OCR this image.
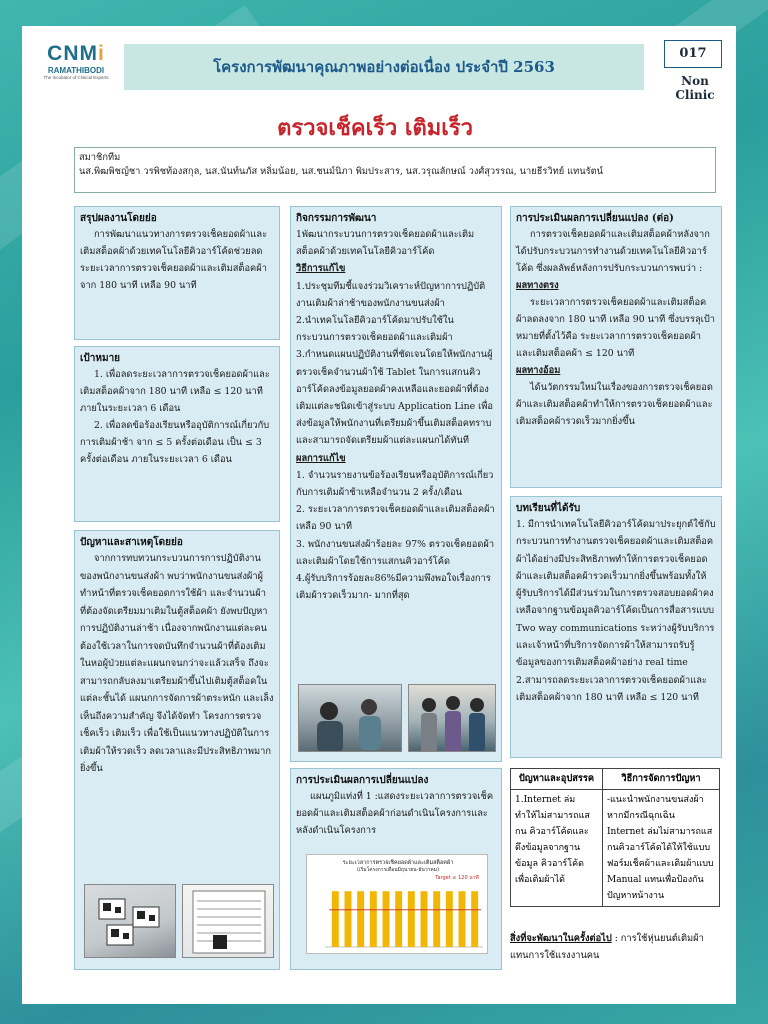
CNMi
RAMATHIBODI
The Incubator of Clinical Experts
โครงการพัฒนาคุณภาพอย่างต่อเนื่อง ประจำปี 2563
017
Non Clinic
ตรวจเช็คเร็ว เติมเร็ว
สมาชิกทีม
นส.พิฒพิชญ์ชา วรพิชท้องสกุล, นส.นันท์นภัส หลิ่มน้อย, นส.ชนม์นิภา พิมประสาร, นส.วรุณลักษณ์ วงศ์สุวรรณ, นายธีรวิทย์ แทนรัตน์
สรุปผลงานโดยย่อ

การพัฒนาแนวทางการตรวจเช็คยอดผ้าและเติมสต็อคผ้าด้วยเทคโนโลยีคิวอาร์โค้ดช่วยลดระยะเวลาการตรวจเช็คยอดผ้าและเติมสต็อคผ้าจาก 180 นาที เหลือ 90 นาที

เป้าหมาย

1. เพื่อลดระยะเวลาการตรวจเช็คยอดผ้าและเติมสต็อคผ้าจาก 180 นาที เหลือ ≤ 120 นาที ภายในระยะเวลา 6 เดือน

2. เพื่อลดข้อร้องเรียนหรืออุบัติการณ์เกี่ยวกับการเติมผ้าช้า จาก ≤ 5 ครั้งต่อเดือน เป็น ≤ 3 ครั้งต่อเดือน ภายในระยะเวลา 6 เดือน

ปัญหาและสาเหตุโดยย่อ

จากการทบทวนกระบวนการการปฏิบัติงานของพนักงานขนส่งผ้า พบว่าพนักงานขนส่งผ้าผู้ทำหน้าที่ตรวจเช็คยอดการใช้ผ้า และจำนวนผ้า ที่ต้องจัดเตรียมมาเติมในตู้สต็อคผ้า ยังพบปัญหาการปฏิบัติงานล่าช้า เนื่องจากพนักงานแต่ละคนต้องใช้เวลาในการจดบันทึกจำนวนผ้าที่ต้องเติมในหอผู้ป่วยแต่ละแผนกจนกว่าจะแล้วเสร็จ ถึงจะสามารถกลับลงมาเตรียมผ้าขึ้นไปเติมตู้สต็อคในแต่ละชั้นได้ แผนกการจัดการผ้าตระหนัก และเล็งเห็นถึงความสำคัญ จึงได้จัดทำ โครงการตรวจเช็คเร็ว เติมเร็ว เพื่อใช้เป็นแนวทางปฏิบัติในการเติมผ้าให้รวดเร็ว ลดเวลาและมีประสิทธิภาพมากยิ่งขึ้น

กิจกรรมการพัฒนา

1พัฒนากระบวนการตรวจเช็คยอดผ้าและเติมสต็อคผ้าด้วยเทคโนโลยีคิวอาร์โค้ด

วิธีการแก้ไข

1.ประชุมทีมชี้แจงร่วมวิเคราะห์ปัญหาการปฏิบัติงานเติมผ้าล่าช้าของพนักงานขนส่งผ้า

2.นำเทคโนโลยีคิวอาร์โค้ดมาปรับใช้ในกระบวนการตรวจเช็คยอดผ้าและเติมผ้า

3.กำหนดแผนปฏิบัติงานที่ชัดเจนโดยให้พนักงานผู้ตรวจเช็คจำนวนผ้าใช้ Tablet ในการแสกนคิวอาร์โค้ดลงข้อมูลยอดผ้าคงเหลือและยอดผ้าที่ต้องเติมแต่ละชนิดเข้าสู่ระบบ Application Line เพื่อส่งข้อมูลให้พนักงานที่เตรียมผ้าขึ้นเติมสต็อคทราบและสามารถจัดเตรียมผ้าแต่ละแผนกได้ทันที

ผลการแก้ไข

1. จำนวนรายงานข้อร้องเรียนหรืออุบัติการณ์เกี่ยวกับการเติมผ้าช้าเหลือจำนวน 2 ครั้ง/เดือน

2. ระยะเวลาการตรวจเช็คยอดผ้าและเติมสต็อคผ้าเหลือ 90 นาที

3. พนักงานขนส่งผ้าร้อยละ 97% ตรวจเช็คยอดผ้าและเติมผ้าโดยใช้การแสกนคิวอาร์โค้ด

4.ผู้รับบริการร้อยละ86%มีความพึงพอใจเรื่องการเติมผ้ารวดเร็วมาก- มากที่สุด

การประเมินผลการเปลี่ยนแปลง

แผนภูมิแท่งที่ 1 :แสดงระยะเวลาการตรวจเช็คยอดผ้าและเติมสต็อคผ้าก่อนดำเนินโครงการและหลังดำเนินโครงการ

ระยะเวลาการตรวจเช็คยอดผ้าและเติมสต็อคผ้า
(เริ่มโครงการเดือนมิถุนายน-ธันวาคม)
Target ≤ 120 นาที
การประเมินผลการเปลี่ยนแปลง (ต่อ)

การตรวจเช็คยอดผ้าและเติมสต็อคผ้าหลังจากได้ปรับกระบวนการทำงานด้วยเทคโนโลยีคิวอาร์โค้ด ซึ่งผลลัพธ์หลังการปรับกระบวนการพบว่า :

ผลทางตรง

ระยะเวลาการตรวจเช็คยอดผ้าและเติมสต็อคผ้าลดลงจาก 180 นาที เหลือ 90 นาที ซึ่งบรรลุเป้าหมายที่ตั้งไว้คือ ระยะเวลาการตรวจเช็คยอดผ้าและเติมสต็อคผ้า ≤ 120 นาที

ผลทางอ้อม

ได้นวัตกรรมใหม่ในเรื่องของการตรวจเช็คยอดผ้าและเติมสต็อคผ้าทำให้การตรวจเช็คยอดผ้าและเติมสต็อคผ้ารวดเร็วมากยิ่งขึ้น

บทเรียนที่ได้รับ

1. มีการนำเทคโนโลยีคิวอาร์โค้ดมาประยุกต์ใช้กับกระบวนการทำงานตรวจเช็คยอดผ้าและเติมสต็อคผ้าได้อย่างมีประสิทธิภาพทำให้การตรวจเช็คยอดผ้าและเติมสต็อคผ้ารวดเร็วมากยิ่งขึ้นพร้อมทั้งให้ผู้รับบริการได้มีส่วนร่วมในการตรวจสอบยอดผ้าคงเหลือจากฐานข้อมูลคิวอาร์โค้ดเป็นการสื่อสารแบบ Two way communications ระหว่างผู้รับบริการและเจ้าหน้าที่บริการจัดการผ้าให้สามารถรับรู้ข้อมูลของการเติมสต็อคผ้าอย่าง real time

2.สามารถลดระยะเวลาการตรวจเช็คยอดผ้าและเติมสต็อคผ้าจาก 180 นาที เหลือ ≤ 120 นาที

ปัญหาและอุปสรรค	วิธีการจัดการปัญหา
1.Internet ล่ม ทำให้ไม่สามารถแสกน คิวอาร์โค้ดและดึงข้อมูลจากฐานข้อมูล คิวอาร์โค้ด เพื่อเติมผ้าได้	-แนะนำพนักงานขนส่งผ้าหากมีกรณีฉุกเฉิน Internet ล่มไม่สามารถแสกนคิวอาร์โค้ดได้ให้ใช้แบบฟอร์มเช็คผ้าและเติมผ้าแบบ Manual แทนเพื่อป้องกันปัญหาหน้างาน
สิ่งที่จะพัฒนาในครั้งต่อไป : การใช้หุ่นยนต์เติมผ้าแทนการใช้แรงงานคน
